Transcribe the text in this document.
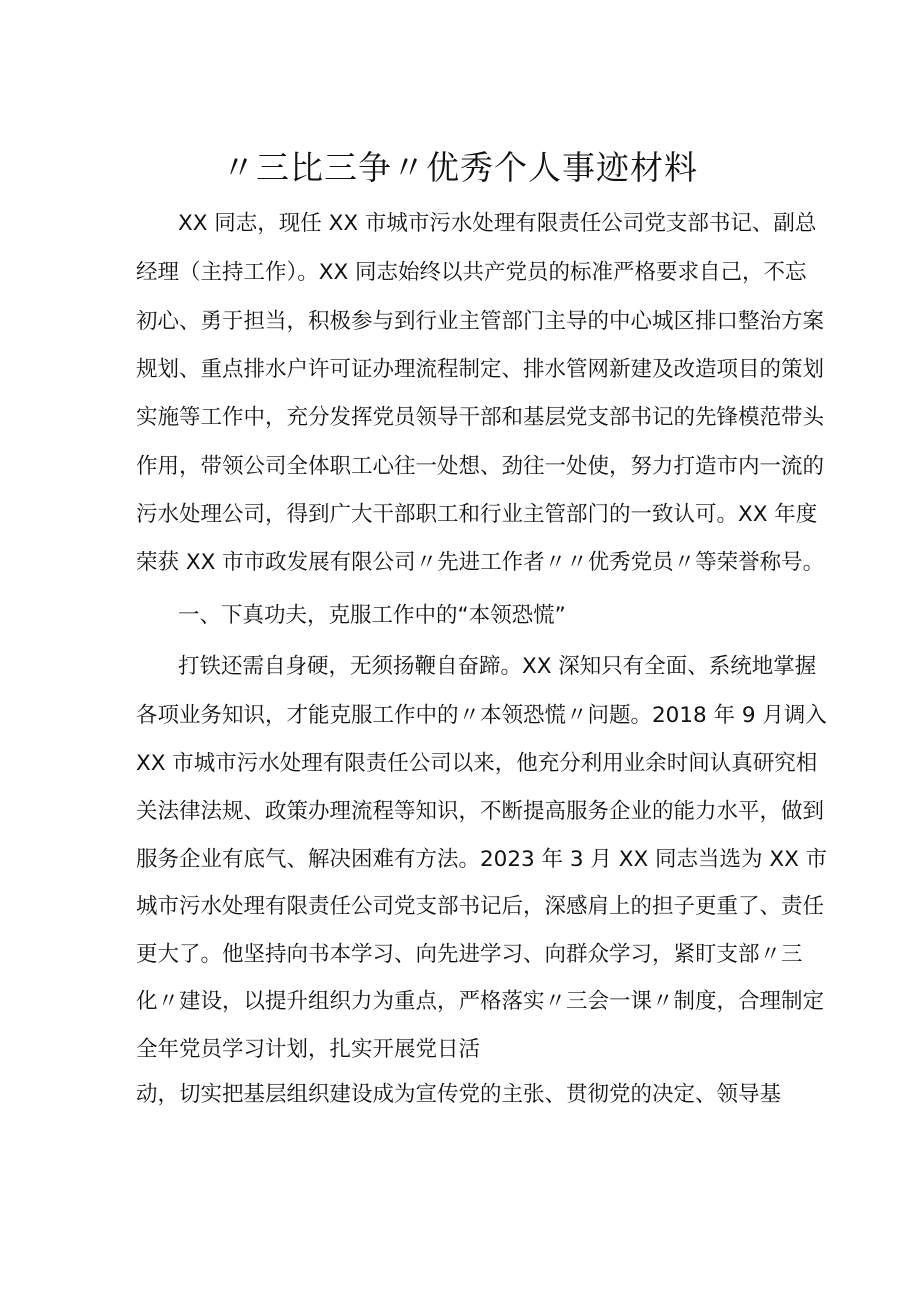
〃三比三争〃优秀个人事迹材料
XX 同志，现任 XX 市城市污水处理有限责任公司党支部书记、副总
经理（主持工作）。XX 同志始终以共产党员的标准严格要求自己，不忘
初心、勇于担当，积极参与到行业主管部门主导的中心城区排口整治方案
规划、重点排水户许可证办理流程制定、排水管网新建及改造项目的策划
实施等工作中，充分发挥党员领导干部和基层党支部书记的先锋模范带头
作用，带领公司全体职工心往一处想、劲往一处使，努力打造市内一流的
污水处理公司，得到广大干部职工和行业主管部门的一致认可。XX 年度
荣获 XX 市市政发展有限公司〃先进工作者〃〃优秀党员〃等荣誉称号。
一、下真功夫，克服工作中的“本领恐慌”
打铁还需自身硬，无须扬鞭自奋蹄。XX 深知只有全面、系统地掌握
各项业务知识，才能克服工作中的〃本领恐慌〃问题。2018 年 9 月调入
XX 市城市污水处理有限责任公司以来，他充分利用业余时间认真研究相
关法律法规、政策办理流程等知识，不断提高服务企业的能力水平，做到
服务企业有底气、解决困难有方法。2023 年 3 月 XX 同志当选为 XX 市
城市污水处理有限责任公司党支部书记后，深感肩上的担子更重了、责任
更大了。他坚持向书本学习、向先进学习、向群众学习，紧盯支部〃三
化〃建设，以提升组织力为重点，严格落实〃三会一课〃制度，合理制定
全年党员学习计划，扎实开展党日活
动，切实把基层组织建设成为宣传党的主张、贯彻党的决定、领导基
